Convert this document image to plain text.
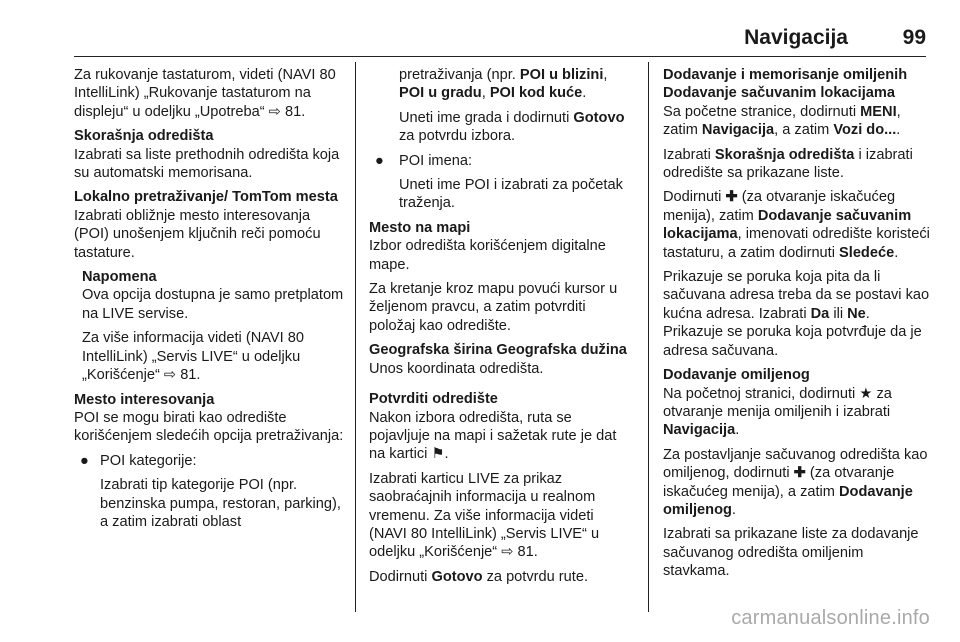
Navigacija	99

Za rukovanje tastaturom, videti (NAVI 80 IntelliLink) „Rukovanje tastaturom na displeju“ u odeljku „Upotreba“ ⇨ 81.

Skorašnja odredišta

Izabrati sa liste prethodnih odredišta koja su automatski memorisana.

Lokalno pretraživanje/ TomTom mesta

Izabrati obližnje mesto interesovanja (POI) unošenjem ključnih reči pomoću tastature.

Napomena

Ova opcija dostupna je samo pretplatom na LIVE servise.

Za više informacija videti (NAVI 80 IntelliLink) „Servis LIVE“ u odeljku „Korišćenje“ ⇨ 81.

Mesto interesovanja

POI se mogu birati kao odredište korišćenjem sledećih opcija pretraživanja:

● POI kategorije:

Izabrati tip kategorije POI (npr. benzinska pumpa, restoran, parking), a zatim izabrati oblast

pretraživanja (npr. POI u blizini, POI u gradu, POI kod kuće.

Uneti ime grada i dodirnuti Gotovo za potvrdu izbora.

● POI imena:

Uneti ime POI i izabrati za početak traženja.

Mesto na mapi

Izbor odredišta korišćenjem digitalne mape.

Za kretanje kroz mapu povući kursor u željenom pravcu, a zatim potvrditi položaj kao odredište.

Geografska širina Geografska dužina

Unos koordinata odredišta.

Potvrditi odredište

Nakon izbora odredišta, ruta se pojavljuje na mapi i sažetak rute je dat na kartici ⚑.

Izabrati karticu LIVE za prikaz saobraćajnih informacija u realnom vremenu. Za više informacija videti (NAVI 80 IntelliLink) „Servis LIVE“ u odeljku „Korišćenje“ ⇨ 81.

Dodirnuti Gotovo za potvrdu rute.

Dodavanje i memorisanje omiljenih

Dodavanje sačuvanim lokacijama

Sa početne stranice, dodirnuti MENI, zatim Navigacija, a zatim Vozi do....

Izabrati Skorašnja odredišta i izabrati odredište sa prikazane liste.

Dodirnuti ✚ (za otvaranje iskačućeg menija), zatim Dodavanje sačuvanim lokacijama, imenovati odredište koristeći tastaturu, a zatim dodirnuti Sledeće.

Prikazuje se poruka koja pita da li sačuvana adresa treba da se postavi kao kućna adresa. Izabrati Da ili Ne. Prikazuje se poruka koja potvrđuje da je adresa sačuvana.

Dodavanje omiljenog

Na početnoj stranici, dodirnuti ★ za otvaranje menija omiljenih i izabrati Navigacija.

Za postavljanje sačuvanog odredišta kao omiljenog, dodirnuti ✚ (za otvaranje iskačućeg menija), a zatim Dodavanje omiljenog.

Izabrati sa prikazane liste za dodavanje sačuvanog odredišta omiljenim stavkama.

carmanualsonline.info
